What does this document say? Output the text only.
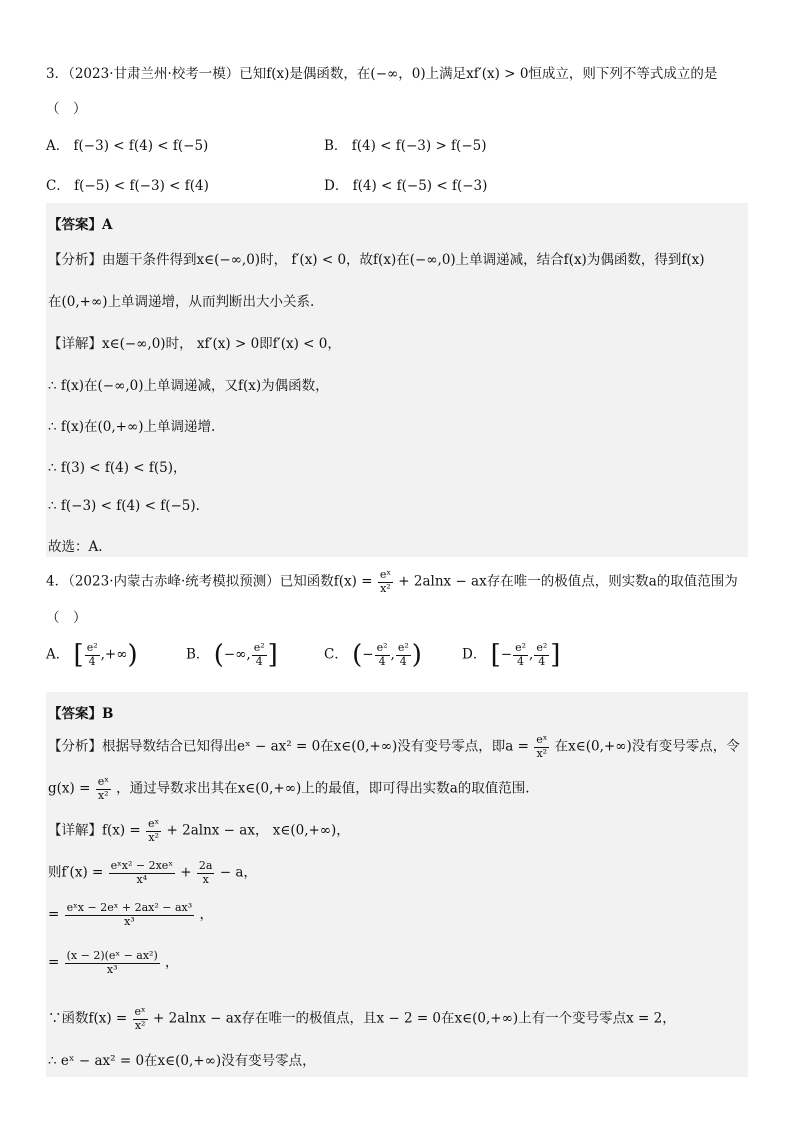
3．（2023·甘肃兰州·校考一模）已知f(x)是偶函数，在(−∞，0)上满足xf′(x) > 0恒成立，则下列不等式成立的是
（　）
A． f(−3) < f(4) < f(−5)	B． f(4) < f(−3) > f(−5)
C． f(−5) < f(−3) < f(4)	D． f(4) < f(−5) < f(−3)
【答案】A
【分析】由题干条件得到x∈(−∞,0)时， f′(x) < 0，故f(x)在(−∞,0)上单调递减，结合f(x)为偶函数，得到f(x)
在(0,+∞)上单调递增，从而判断出大小关系.
【详解】x∈(−∞,0)时， xf′(x) > 0即f′(x) < 0，
∴ f(x)在(−∞,0)上单调递减，又f(x)为偶函数，
∴ f(x)在(0,+∞)上单调递增.
∴ f(3) < f(4) < f(5)，
∴ f(−3) < f(4) < f(−5).
故选：A.
4．（2023·内蒙古赤峰·统考模拟预测）已知函数$f(x) = \frac{\text{eˣ}}{\text{x²}} + 2alnx$ − ax存在唯一的极值点，则实数a的取值范围为
（　）
A． [ $\frac{\text{e²}}{4}$ ,+∞)	B． (−∞, $\frac{\text{e²}}{4}$ ]	C． (− $\frac{\text{e²}}{4}$ , $\frac{\text{e²}}{4}$ )	D． [− $\frac{\text{e²}}{4}$ , $\frac{\text{e²}}{4}$ ]
【答案】B
【分析】根据导数结合已知得出eˣ − ax² = 0在x∈(0,+∞)没有变号零点，即$a = \frac{\text{eˣ}}{\text{x²}}$ 在x∈(0,+∞)没有变号零点，令
$g(x) = \frac{\text{eˣ}}{\text{x²}}$ ，通过导数求出其在x∈(0,+∞)上的最值，即可得出实数a的取值范围.
【详解】$f(x) = \frac{\text{eˣ}}{\text{x²}} + 2alnx$ − ax， x∈(0,+∞)，
则$f'(x) = \frac{\text{eˣx² − 2xeˣ}}{\text{x⁴}} + \frac{2a}{x} - a$，
= $\frac{\text{eˣx − 2eˣ + 2ax² − ax³}}{\text{x³}}$ ，
= $\frac{\text{(x − 2)(eˣ − ax²)}}{\text{x³}}$ ，
∵函数$f(x) = \frac{\text{eˣ}}{\text{x²}} + 2alnx$ − ax存在唯一的极值点，且x − 2 = 0在x∈(0,+∞)上有一个变号零点x = 2，
∴ eˣ − ax² = 0在x∈(0,+∞)没有变号零点，
